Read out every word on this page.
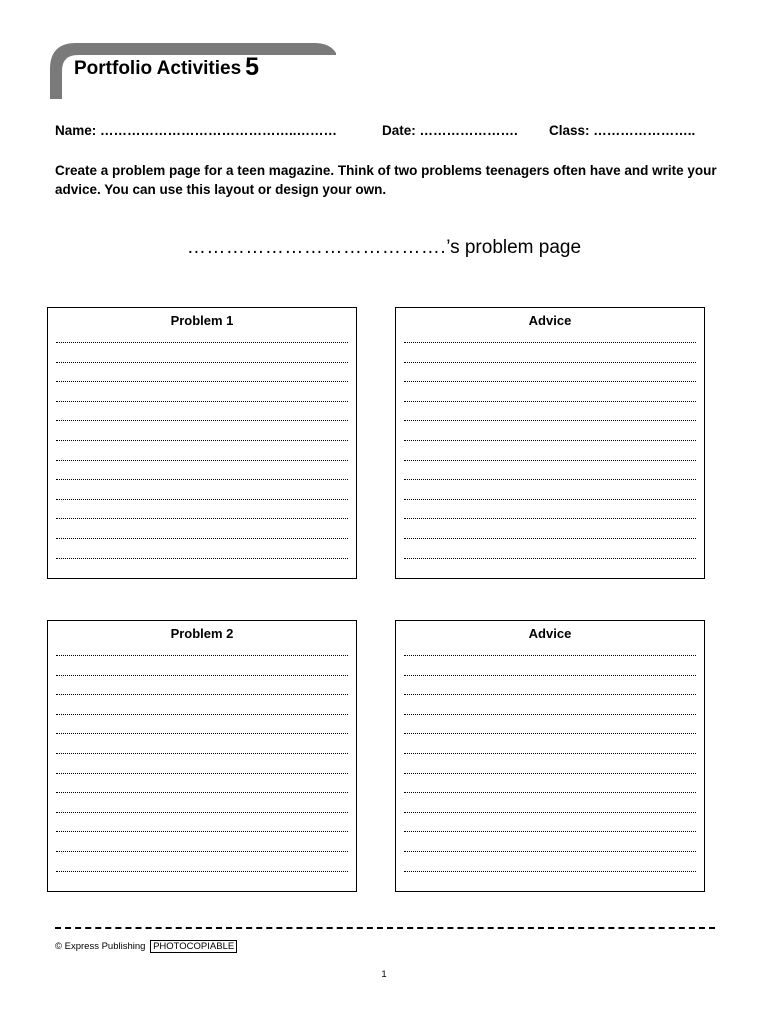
Portfolio Activities 5
Name: ……………………………………..………	Date: …………………. Class: …………………..
Create a problem page for a teen magazine. Think of two problems teenagers often have and write your advice. You can use this layout or design your own.
………………………………….’s problem page
Problem 1	Advice
Problem 2	Advice
© Express Publishing PHOTOCOPIABLE
1
